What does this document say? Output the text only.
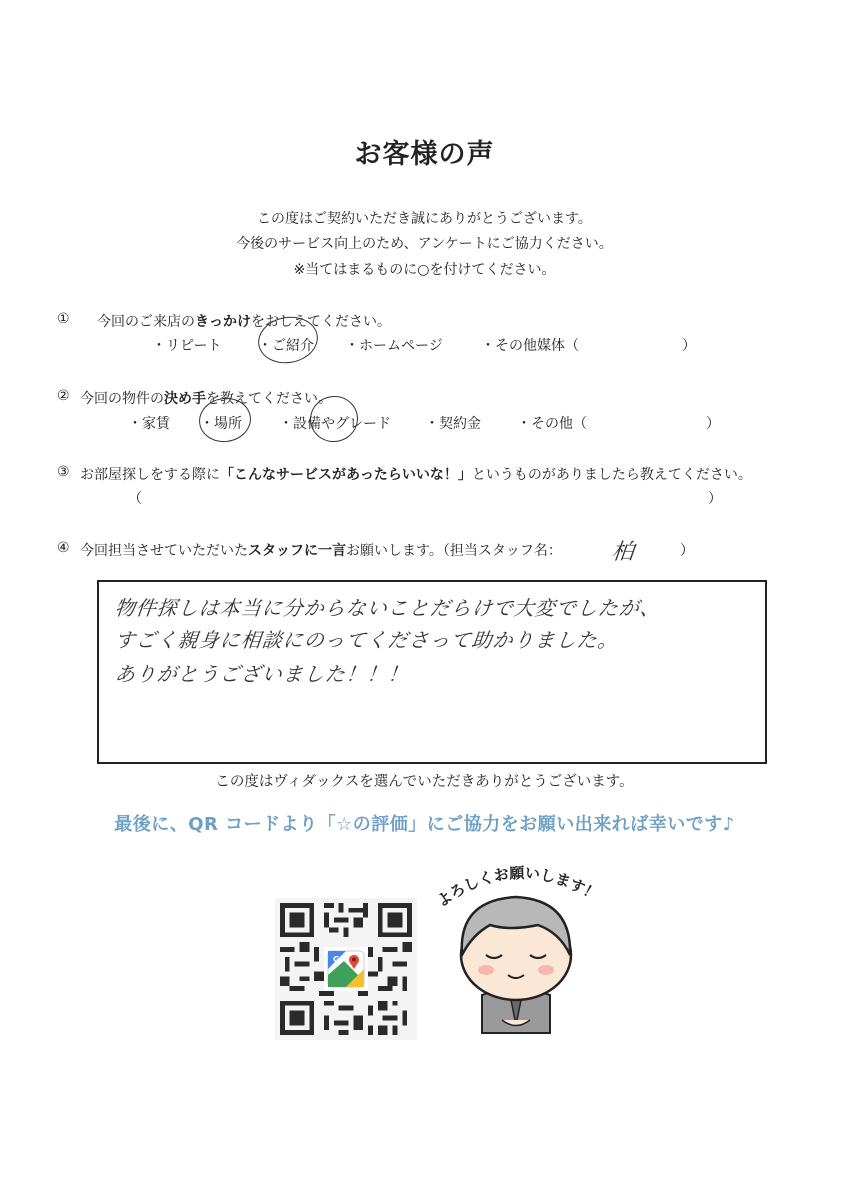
お客様の声
この度はご契約いただき誠にありがとうございます。
今後のサービス向上のため、アンケートにご協力ください。
※当てはまるものに○を付けてください。
① 今回のご来店のきっかけをおしえてください。
・リピート	・ご紹介 ・ホームページ	・その他媒体（	）
② 今回の物件の決め手を教えてください。
・家賃 ・場所	・設備やグレード ・契約金	・その他（	）
③ お部屋探しをする際に「こんなサービスがあったらいいな！」というものがありましたら教えてください。
（	）
④ 今回担当させていただいたスタッフに一言お願いします。（担当スタッフ名： 柏	）
物件探しは本当に分からないことだらけで大変でしたが、
すごく親身に相談にのってくださって助かりました。
ありがとうございました！！！
この度はヴィダックスを選んでいただきありがとうございます。
最後に、QR コードより「☆の評価」にご協力をお願い出来れば幸いです♪
G
よろしくお願いします！
